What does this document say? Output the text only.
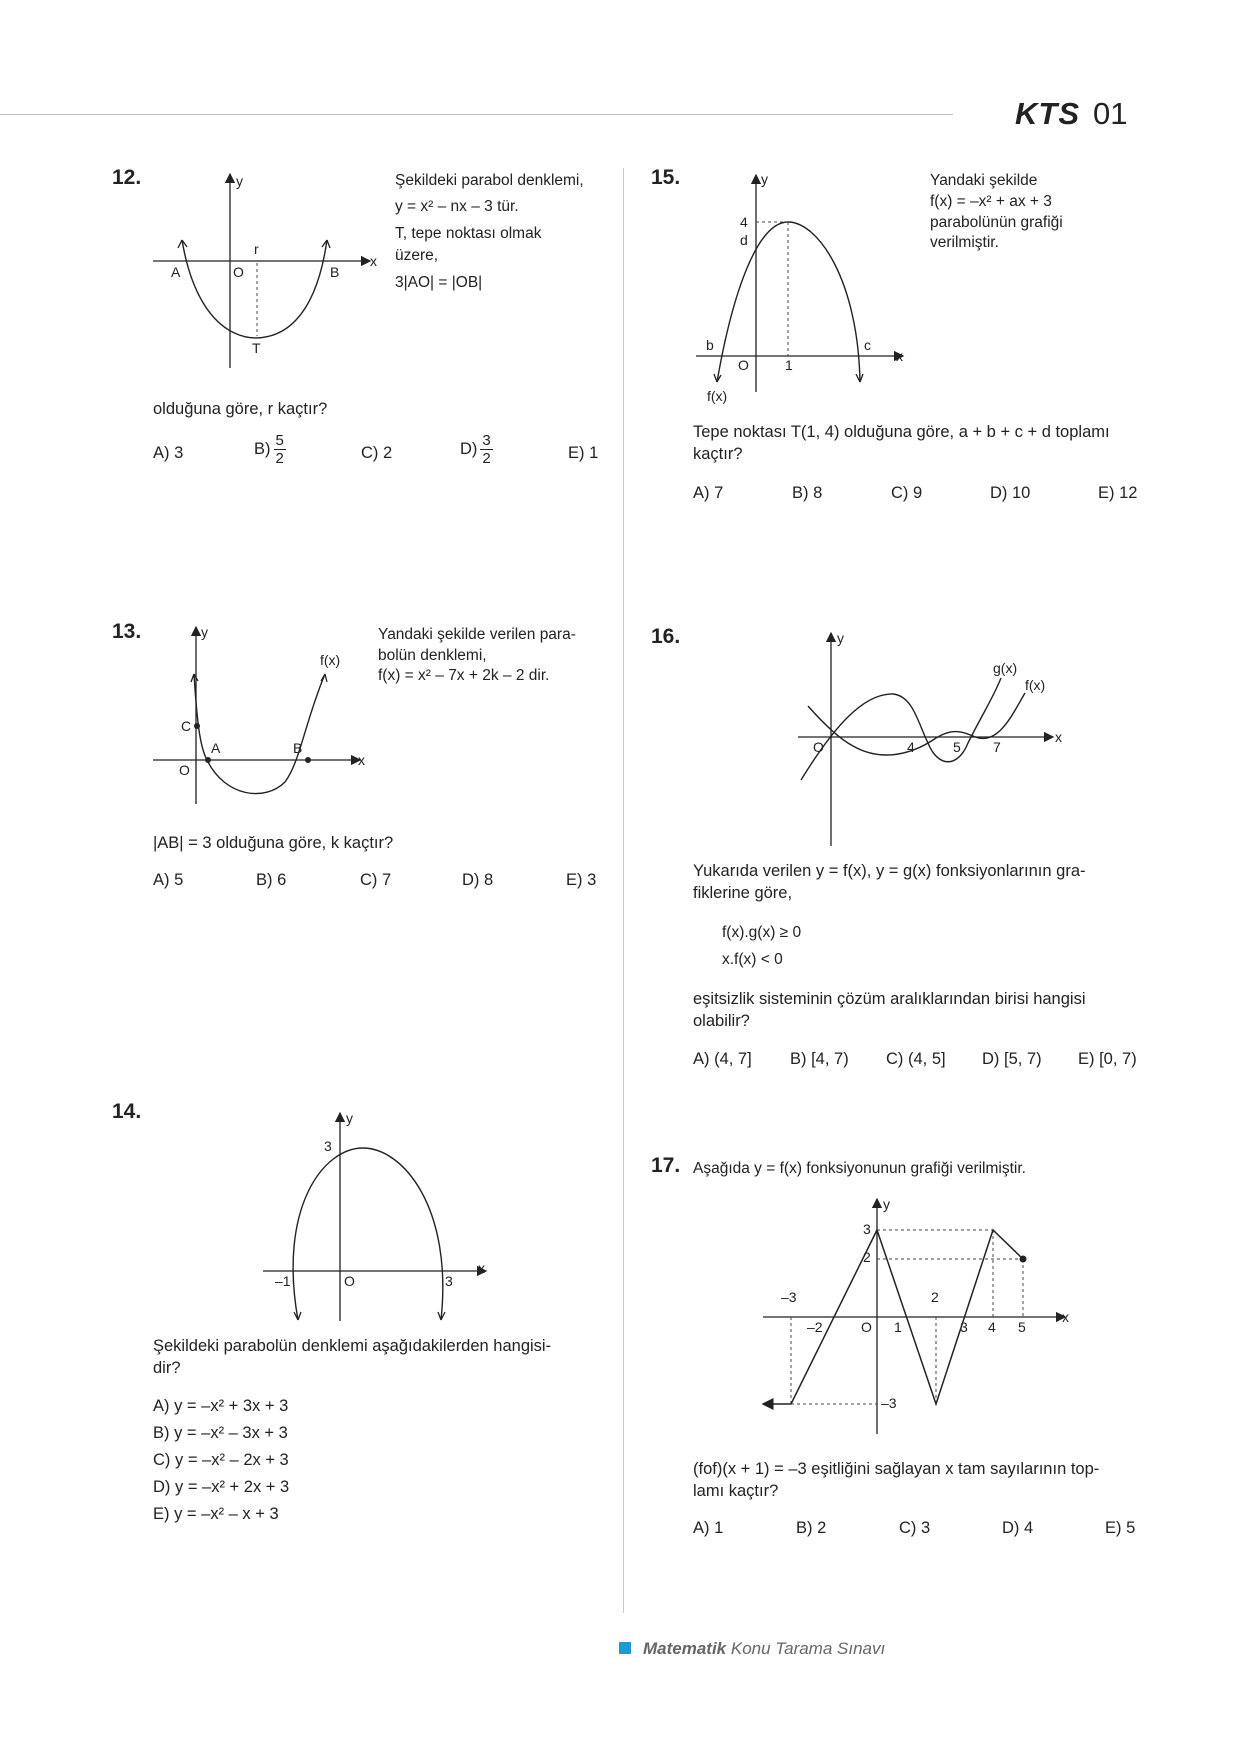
KTS 01
12.	y
x
A	O	B
r
T
Şekildeki parabol denklemi,
y = x² – nx – 3 tür.
T, tepe noktası olmak
üzere,
3|AO| = |OB|
olduğuna göre, r kaçtır?
A) 3	$B) \frac{5}{2}$	C) 2	$D) \frac{3}{2}$	E) 1
13.	y
x
f(x)
C
A	B
O
Yandaki şekilde verilen para-
bolün denklemi,
f(x) = x² – 7x + 2k – 2 dir.
|AB| = 3 olduğuna göre, k kaçtır?
A) 5	B) 6	C) 7	D) 8	E) 3
14.	y
x
3
–1	O	3
Şekildeki parabolün denklemi aşağıdakilerden hangisi-
dir?
A) y = –x² + 3x + 3
B) y = –x² – 3x + 3
C) y = –x² – 2x + 3
D) y = –x² + 2x + 3
E) y = –x² – x + 3
15.	y
x
4
d
b
O	1
c
f(x)
Yandaki şekilde
f(x) = –x² + ax + 3
parabolünün grafiği
verilmiştir.
Tepe noktası T(1, 4) olduğuna göre, a + b + c + d toplamı
kaçtır?
A) 7	B) 8	C) 9	D) 10	E) 12
16.	y
x
g(x)
f(x)
O	4	5 7
Yukarıda verilen y = f(x), y = g(x) fonksiyonlarının gra-
fiklerine göre,
f(x).g(x) ≥ 0
x.f(x) < 0
eşitsizlik sisteminin çözüm aralıklarından birisi hangisi
olabilir?
A) (4, 7] B) [4, 7) C) (4, 5] D) [5, 7) E) [0, 7)
17. Aşağıda y = f(x) fonksiyonunun grafiği verilmiştir.
y
x
3
2
–3
–2	O 1
2
3 4 5
–3
(fof)(x + 1) = –3 eşitliğini sağlayan x tam sayılarının top-
lamı kaçtır?
A) 1	B) 2	C) 3	D) 4	E) 5
Matematik Konu Tarama Sınavı
